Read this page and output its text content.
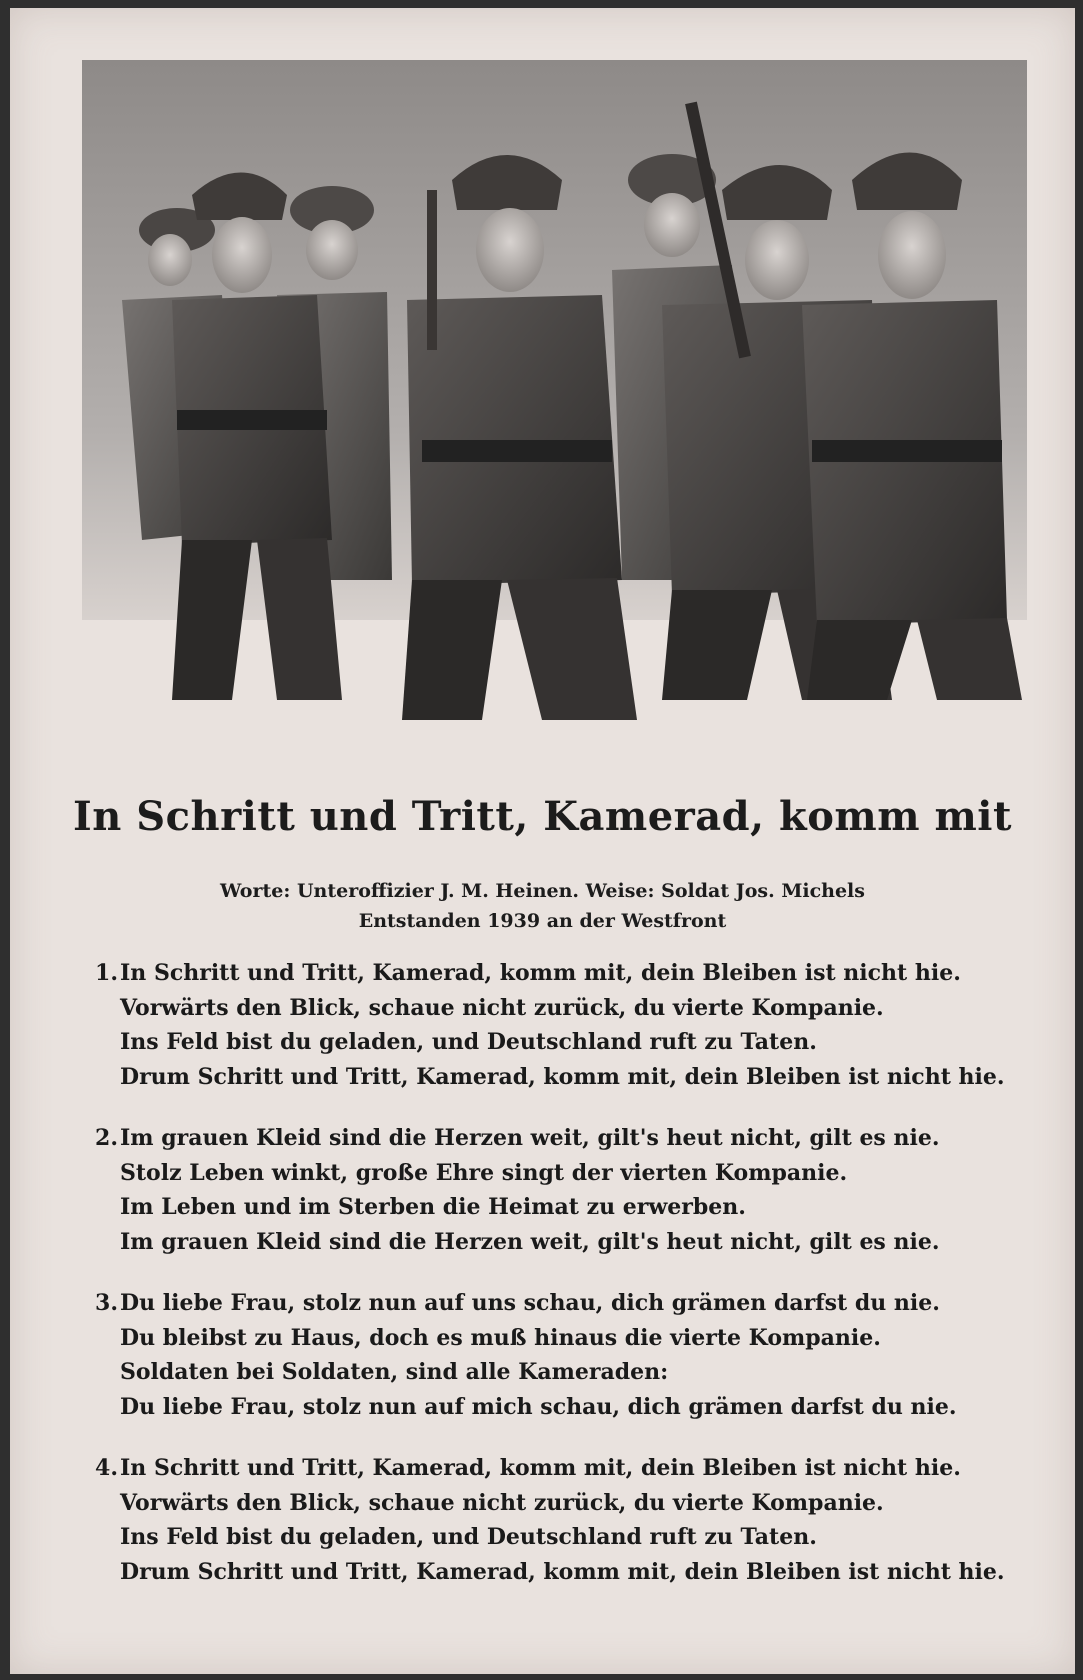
In Schritt und Tritt, Kamerad, komm mit
Worte: Unteroffizier J. M. Heinen. Weise: Soldat Jos. Michels
Entstanden 1939 an der Westfront
1. In Schritt und Tritt, Kamerad, komm mit, dein Bleiben ist nicht hie.
Vorwärts den Blick, schaue nicht zurück, du vierte Kompanie.
Ins Feld bist du geladen, und Deutschland ruft zu Taten.
Drum Schritt und Tritt, Kamerad, komm mit, dein Bleiben ist nicht hie.
2. Im grauen Kleid sind die Herzen weit, gilt's heut nicht, gilt es nie.
Stolz Leben winkt, große Ehre singt der vierten Kompanie.
Im Leben und im Sterben die Heimat zu erwerben.
Im grauen Kleid sind die Herzen weit, gilt's heut nicht, gilt es nie.
3. Du liebe Frau, stolz nun auf uns schau, dich grämen darfst du nie.
Du bleibst zu Haus, doch es muß hinaus die vierte Kompanie.
Soldaten bei Soldaten, sind alle Kameraden:
Du liebe Frau, stolz nun auf mich schau, dich grämen darfst du nie.
4. In Schritt und Tritt, Kamerad, komm mit, dein Bleiben ist nicht hie.
Vorwärts den Blick, schaue nicht zurück, du vierte Kompanie.
Ins Feld bist du geladen, und Deutschland ruft zu Taten.
Drum Schritt und Tritt, Kamerad, komm mit, dein Bleiben ist nicht hie.
